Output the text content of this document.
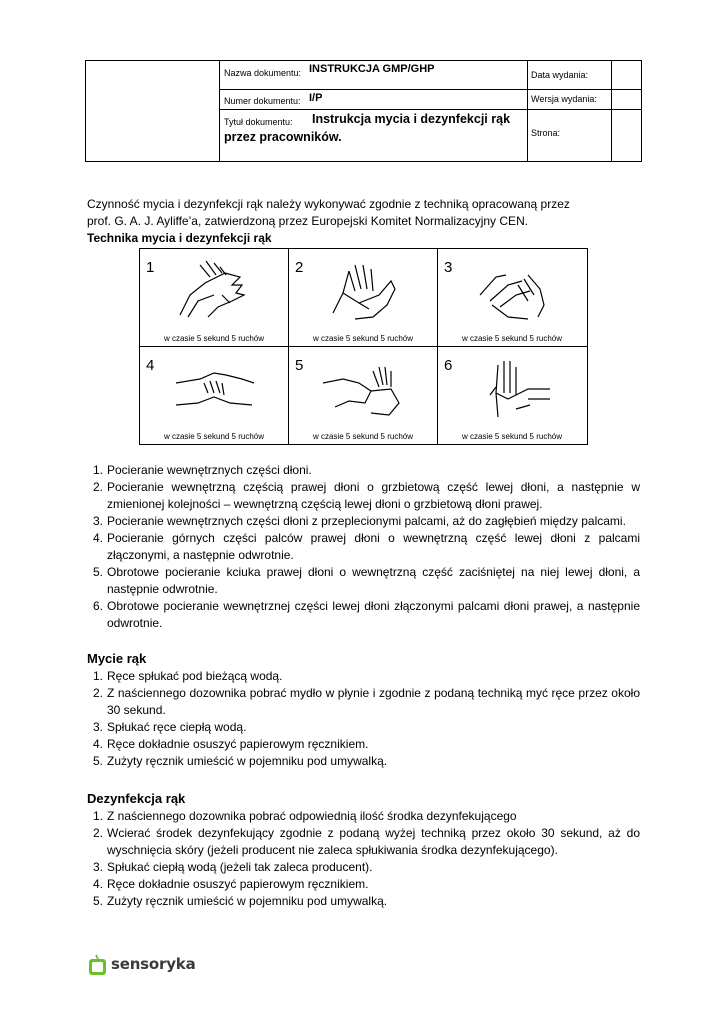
Nazwa dokumentu: INSTRUKCJA GMP/GHP	Data wydania:
Numer dokumentu: I/P	Wersja wydania:
Tytuł dokumentu: Instrukcja mycia i dezynfekcji rąk
przez pracowników.	Strona:
Czynność mycia i dezynfekcji rąk należy wykonywać zgodnie z techniką opracowaną przez
prof. G. A. J. Ayliffe’a, zatwierdzoną przez Europejski Komitet Normalizacyjny CEN.
Technika mycia i dezynfekcji rąk
1
w czasie 5 sekund 5 ruchów
2
w czasie 5 sekund 5 ruchów
3
w czasie 5 sekund 5 ruchów
4
w czasie 5 sekund 5 ruchów
5
w czasie 5 sekund 5 ruchów
6
w czasie 5 sekund 5 ruchów
1. Pocieranie wewnętrznych części dłoni.
2. Pocieranie wewnętrzną częścią prawej dłoni o grzbietową część lewej dłoni, a następnie w zmienionej kolejności – wewnętrzną częścią lewej dłoni o grzbietową dłoni prawej.
3. Pocieranie wewnętrznych części dłoni z przeplecionymi palcami, aż do zagłębień między palcami.
4. Pocieranie górnych części palców prawej dłoni o wewnętrzną część lewej dłoni z palcami złączonymi, a następnie odwrotnie.
5. Obrotowe pocieranie kciuka prawej dłoni o wewnętrzną część zaciśniętej na niej lewej dłoni, a następnie odwrotnie.
6. Obrotowe pocieranie wewnętrznej części lewej dłoni złączonymi palcami dłoni prawej, a następnie odwrotnie.
Mycie rąk
1. Ręce spłukać pod bieżącą wodą.
2. Z naściennego dozownika pobrać mydło w płynie i zgodnie z podaną techniką myć ręce przez około 30 sekund.
3. Spłukać ręce ciepłą wodą.
4. Ręce dokładnie osuszyć papierowym ręcznikiem.
5. Zużyty ręcznik umieścić w pojemniku pod umywalką.
Dezynfekcja rąk
1. Z naściennego dozownika pobrać odpowiednią ilość środka dezynfekującego
2. Wcierać środek dezynfekujący zgodnie z podaną wyżej techniką przez około 30 sekund, aż do wyschnięcia skóry (jeżeli producent nie zaleca spłukiwania środka dezynfekującego).
3. Spłukać ciepłą wodą (jeżeli tak zaleca producent).
4. Ręce dokładnie osuszyć papierowym ręcznikiem.
5. Zużyty ręcznik umieścić w pojemniku pod umywalką.
sensoryka
